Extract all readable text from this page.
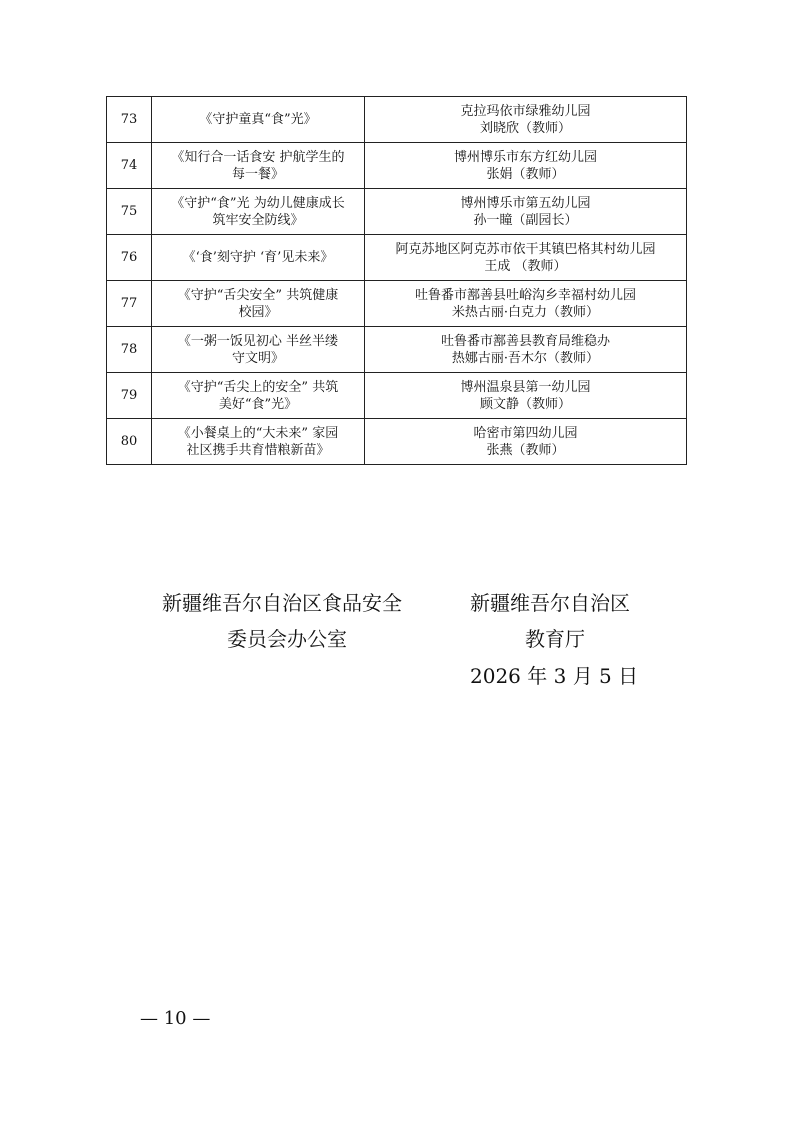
73	《守护童真“食”光》	克拉玛依市绿雅幼儿园
刘晓欣（教师）

74	《知行合一话食安 护航学生的
每一餐》	博州博乐市东方红幼儿园
张娟（教师）

75	《守护“食”光 为幼儿健康成长
筑牢安全防线》	博州博乐市第五幼儿园
孙一瞳（副园长）

76	《‘食’刻守护 ‘育’见未来》	阿克苏地区阿克苏市依干其镇巴格其村幼儿园
王成 （教师）

77	《守护“舌尖安全” 共筑健康
校园》	吐鲁番市鄯善县吐峪沟乡幸福村幼儿园
米热古丽·白克力（教师）

78	《一粥一饭见初心 半丝半缕
守文明》	吐鲁番市鄯善县教育局维稳办
热娜古丽·吾木尔（教师）

79	《守护“舌尖上的安全” 共筑
美好“食”光》	博州温泉县第一幼儿园
顾文静（教师）

80	《小餐桌上的“大未来” 家园
社区携手共育惜粮新苗》	哈密市第四幼儿园
张燕（教师）
新疆维吾尔自治区食品安全
委员会办公室
新疆维吾尔自治区
教育厅
2026 年 3 月 5 日
— 10 —
